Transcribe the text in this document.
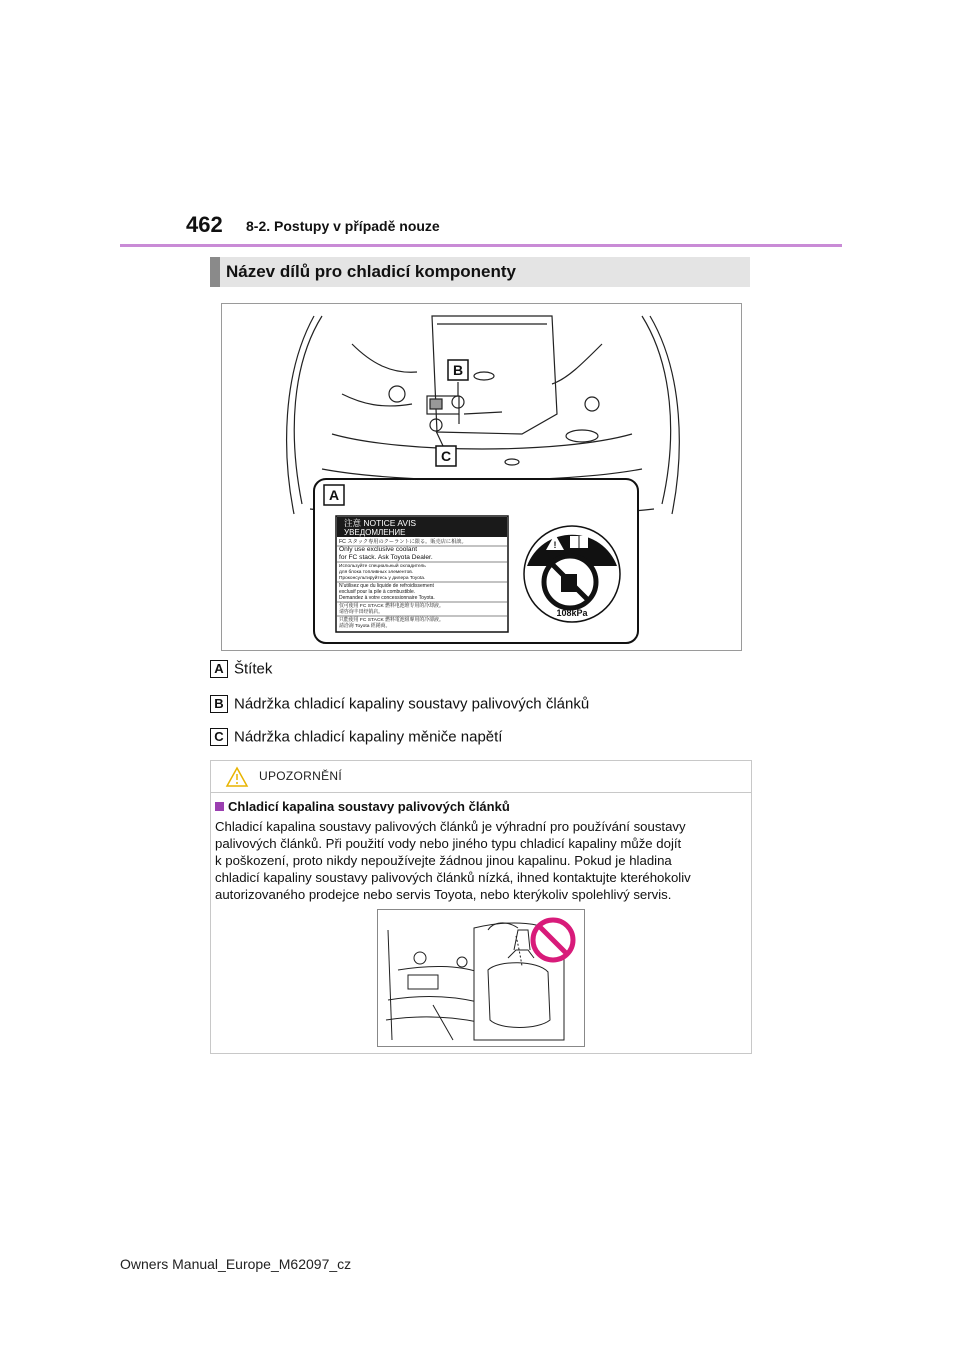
462 8-2. Postupy v případě nouze
Název dílů pro chladicí komponenty
B
C
A
注意 NOTICE AVIS
УВЕДОМЛЕНИЕ
FC スタック専用のクーラントに限る。販売店に相談。
Only use exclusive coolant
for FC stack. Ask Toyota Dealer.
Используйте специальный охладитель
для блока топливных элементов.
Проконсультируйтесь у дилера Toyota.
N'utilisez que du liquide de refroidissement
exclusif pour la pile à combustible.
Demandez à votre concessionnaire Toyota.
仅可使用 FC STACK 燃料电池堆专用的冷却液。
请咨询丰田经销店。
只能使用 FC STACK 燃料電池組專用的冷卻液。
請洽詢 Toyota 經銷商。
!
108kPa
A Štítek
B Nádržka chladicí kapaliny soustavy palivových článků
C Nádržka chladicí kapaliny měniče napětí
UPOZORNĚNÍ
Chladicí kapalina soustavy palivových článků
Chladicí kapalina soustavy palivových článků je výhradní pro používání soustavy
palivových článků. Při použití vody nebo jiného typu chladicí kapaliny může dojít
k poškození, proto nikdy nepoužívejte žádnou jinou kapalinu. Pokud je hladina
chladicí kapaliny soustavy palivových článků nízká, ihned kontaktujte kteréhokoliv
autorizovaného prodejce nebo servis Toyota, nebo kterýkoliv spolehlivý servis.
Owners Manual_Europe_M62097_cz
